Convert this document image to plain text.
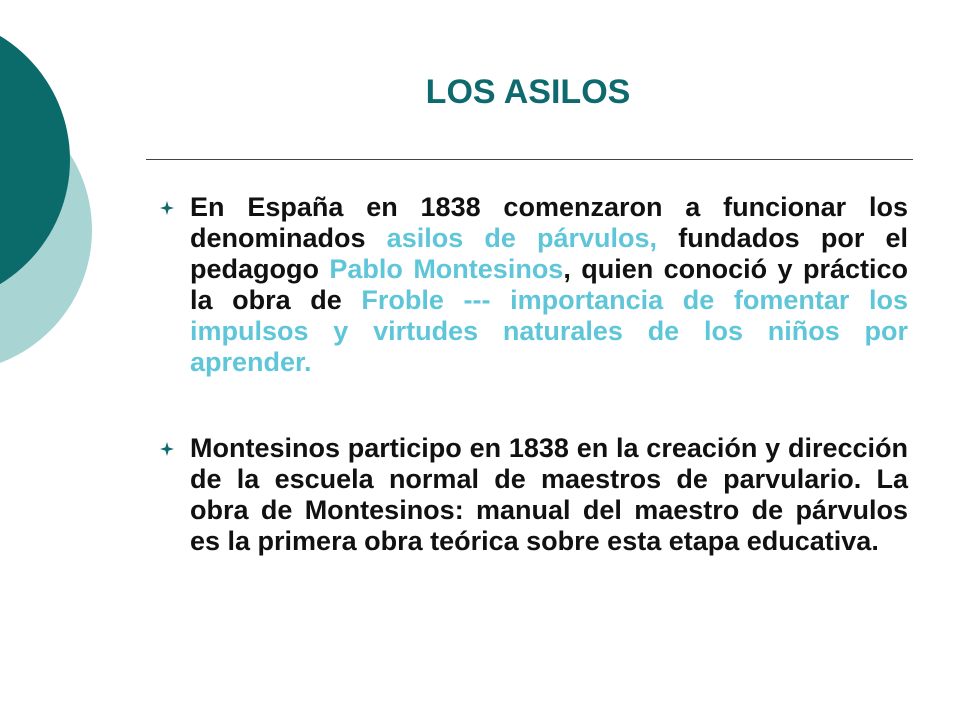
LOS ASILOS

En España en 1838 comenzaron a funcionar los denominados asilos de párvulos, fundados por el pedagogo Pablo Montesinos, quien conoció y práctico la obra de Froble --- importancia de fomentar los impulsos y virtudes naturales de los niños por aprender.

Montesinos participo en 1838 en la creación y dirección de la escuela normal de maestros de parvulario. La obra de Montesinos: manual del maestro de párvulos es la primera obra teórica sobre esta etapa educativa.
